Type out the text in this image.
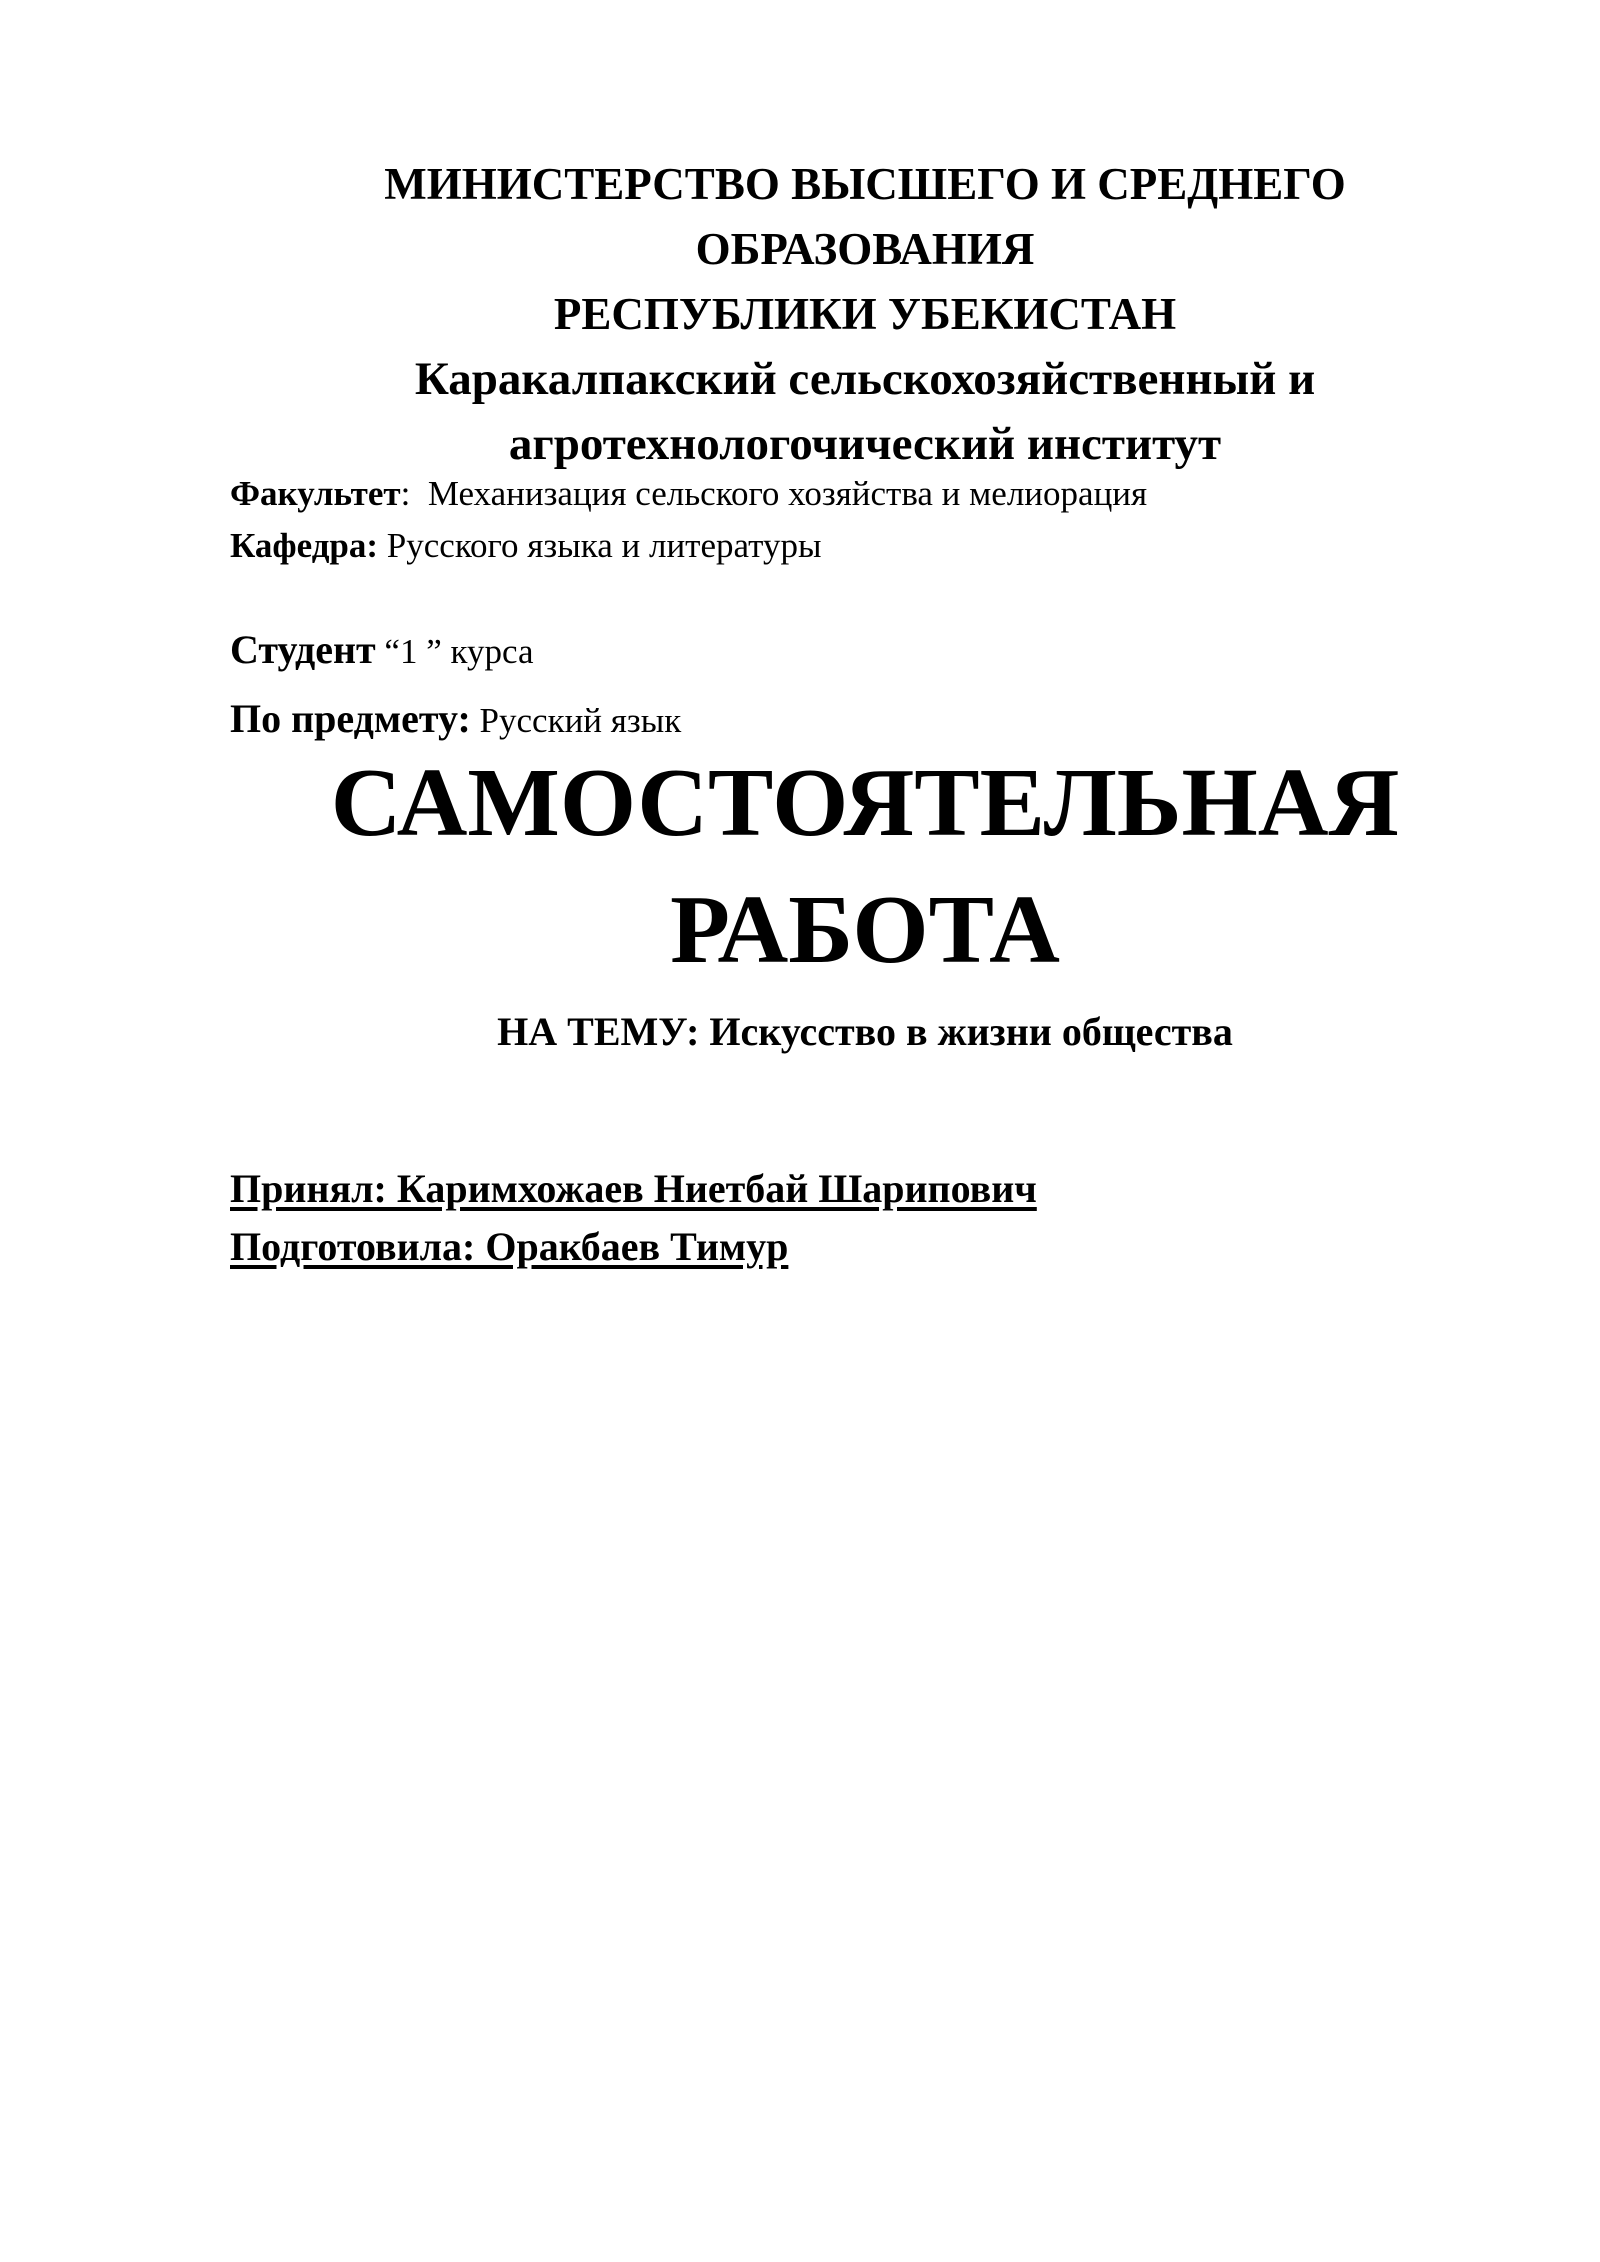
МИНИСТЕРСТВО ВЫСШЕГО И СРЕДНЕГО
ОБРАЗОВАНИЯ
РЕСПУБЛИКИ УБЕКИСТАН
Каракалпакский сельскохозяйственный и
агротехнологочический институт
Факультет:  Механизация сельского хозяйства и мелиорация
Кафедра: Русского языка и литературы
Студент “1 ” курса
По предмету: Русский язык
САМОСТОЯТЕЛЬНАЯ
РАБОТА
НА ТЕМУ: Искусство в жизни общества
Принял: Каримхожаев Ниетбай Шарипович
Подготовила: Оракбаев Тимур
